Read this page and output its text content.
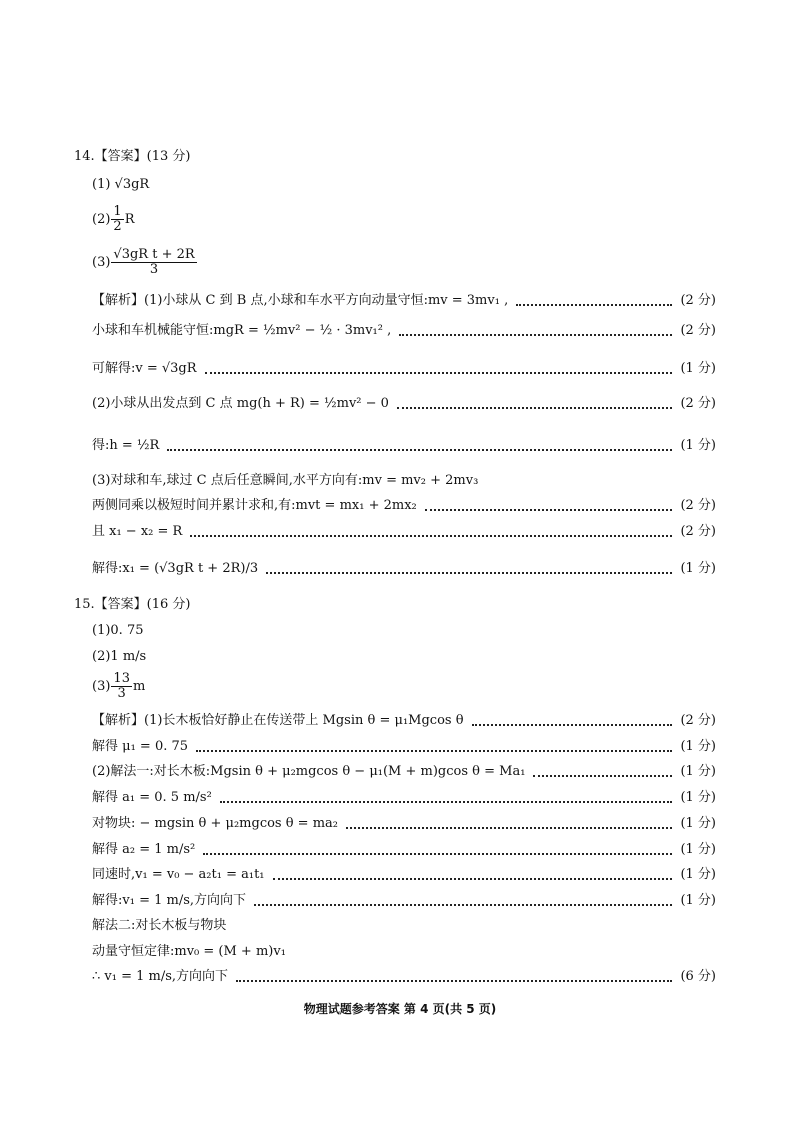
14.【答案】(13 分)
(1) √3gR
$(2) \frac{1}{2}$ R
$(3) \frac{\text{√3gR t + 2R}}{3}$
【解析】(1)小球从 C 到 B 点,小球和车水平方向动量守恒:mv = 3mv₁ ,	(2 分)
小球和车机械能守恒:mgR = ½mv² − ½ · 3mv₁² ,	(2 分)
可解得:v = √3gR	(1 分)
(2)小球从出发点到 C 点 mg(h + R) = ½mv² − 0	(2 分)
得:h = ½R	(1 分)
(3)对球和车,球过 C 点后任意瞬间,水平方向有:mv = mv₂ + 2mv₃
两侧同乘以极短时间并累计求和,有:mvt = mx₁ + 2mx₂	(2 分)
且 x₁ − x₂ = R	(2 分)
解得:x₁ = (√3gR t + 2R)/3	(1 分)
15.【答案】(16 分)
(1)0. 75
(2)1 m/s
$(3) \frac{13}{3}$ m
【解析】(1)长木板恰好静止在传送带上 Mgsin θ = μ₁Mgcos θ	(2 分)
解得 μ₁ = 0. 75	(1 分)
(2)解法一:对长木板:Mgsin θ + μ₂mgcos θ − μ₁(M + m)gcos θ = Ma₁	(1 分)
解得 a₁ = 0. 5 m/s²	(1 分)
对物块: − mgsin θ + μ₂mgcos θ = ma₂	(1 分)
解得 a₂ = 1 m/s²	(1 分)
同速时,v₁ = v₀ − a₂t₁ = a₁t₁	(1 分)
解得:v₁ = 1 m/s,方向向下	(1 分)
解法二:对长木板与物块
动量守恒定律:mv₀ = (M + m)v₁
∴ v₁ = 1 m/s,方向向下	(6 分)
物理试题参考答案 第 4 页(共 5 页)
